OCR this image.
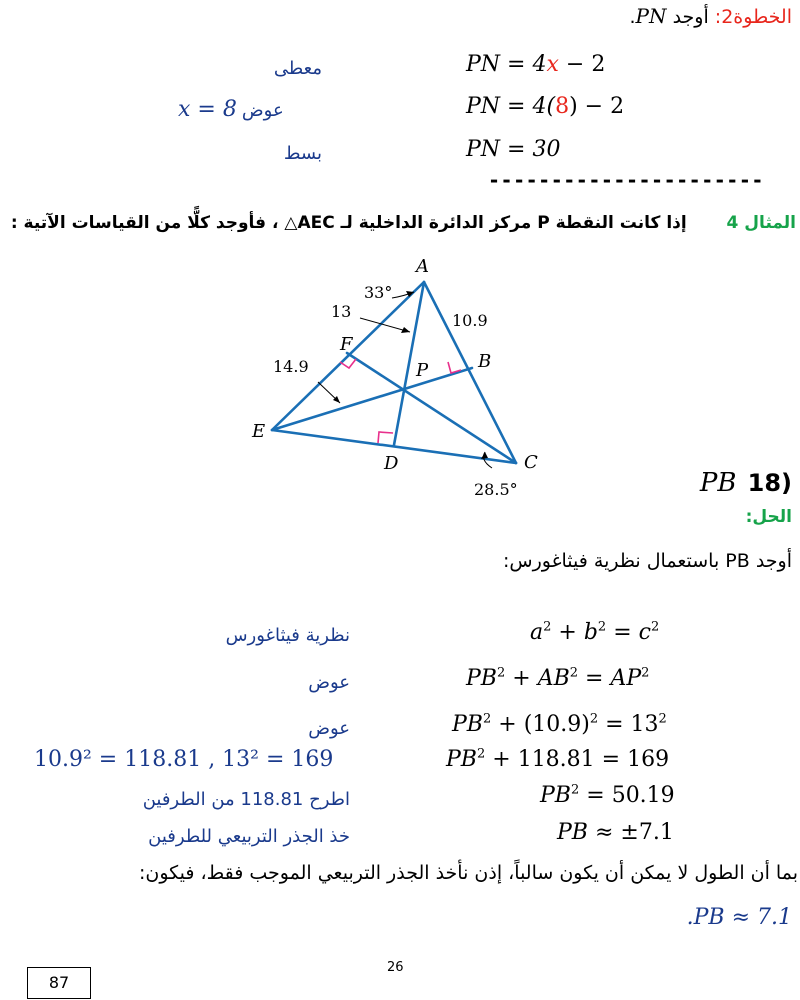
الخطوة2: أوجد PN.
معطى	PN = 4x − 2
x = 8 عوض	PN = 4(8) − 2
بسط	PN = 30
----------------------
المثال 4  إذا كانت النقطة P مركز الدائرة الداخلية لـ AEC△ ، فأوجد كلًّا من القياسات الآتية :
A
B
C
D
E
F
P
33°
13	10.9
14.9
28.5°	PB 18)
الحل:
أوجد PB باستعمال نظرية فيثاغورس:
نظرية فيثاغورس	$a^2 + b^2 = c^2$
عوض	$PB^2 + AB^2 = AP^2$
عوض	$PB^2 + (10.9)^2 = 13^2$
10.9² = 118.81 , 13² = 169	$PB^2 + 118.81 = 169$
اطرح 118.81 من الطرفين	$PB^2 = 50.19$
خذ الجذر التربيعي للطرفين	PB ≈ ±7.1
بما أن الطول لا يمكن أن يكون سالباً، إذن نأخذ الجذر التربيعي الموجب فقط، فيكون:
.PB ≈ 7.1
26
87
